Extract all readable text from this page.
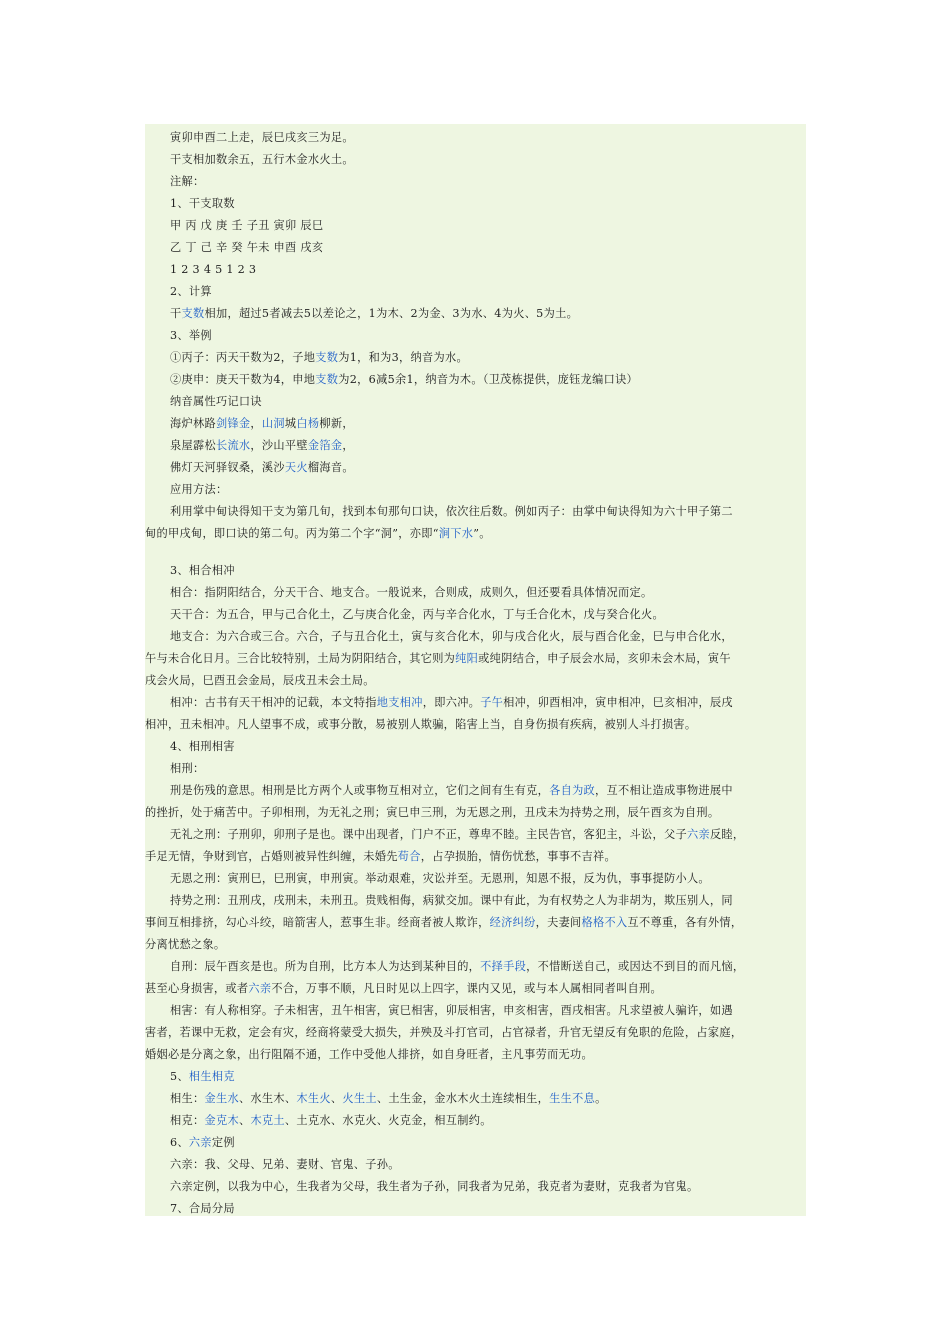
寅卯申酉二上走，辰巳戌亥三为足。
干支相加数余五，五行木金水火土。
注解：
1、干支取数
甲 丙 戊 庚 壬 子丑 寅卯 辰巳
乙 丁 己 辛 癸 午未 申酉 戌亥
1 2 3 4 5 1 2 3
2、计算
干支数相加，超过5者减去5以差论之，1为木、2为金、3为水、4为火、5为土。
3、举例
①丙子：丙天干数为2，子地支数为1，和为3，纳音为水。
②庚申：庚天干数为4，申地支数为2，6减5余1，纳音为木。（卫茂栋提供，庞钰龙编口诀）
纳音属性巧记口诀
海炉林路剑锋金，山洞城白杨柳新，
泉屋霹松长流水，沙山平壁金箔金，
佛灯天河驿钗桑，溪沙天火榴海音。
应用方法：
利用掌中甸诀得知干支为第几旬，找到本旬那句口诀，依次往后数。例如丙子：由掌中甸诀得知为六十甲子第二
甸的甲戌甸，即口诀的第二句。丙为第二个字“洞”，亦即“涧下水”。
3、相合相冲
相合：指阴阳结合，分天干合、地支合。一般说来，合则成，成则久，但还要看具体情况而定。
天干合：为五合，甲与己合化土，乙与庚合化金，丙与辛合化水，丁与壬合化木，戊与癸合化火。
地支合：为六合或三合。六合，子与丑合化土，寅与亥合化木，卯与戌合化火，辰与酉合化金，巳与申合化水，
午与未合化日月。三合比较特别，土局为阴阳结合，其它则为纯阳或纯阴结合，申子辰会水局，亥卯未会木局，寅午
戌会火局，巳酉丑会金局，辰戌丑未会土局。
相冲：古书有天干相冲的记载，本文特指地支相冲，即六冲。子午相冲，卯酉相冲，寅申相冲，巳亥相冲，辰戌
相冲，丑未相冲。凡人望事不成，或事分散，易被别人欺骗，陷害上当，自身伤损有疾病，被别人斗打损害。
4、相刑相害
相刑：
刑是伤残的意思。相刑是比方两个人或事物互相对立，它们之间有生有克，各自为政，互不相让造成事物进展中
的挫折，处于痛苦中。子卯相刑，为无礼之刑；寅巳申三刑，为无恩之刑，丑戌未为持势之刑，辰午酉亥为自刑。
无礼之刑：子刑卯，卯刑子是也。课中出现者，门户不正，尊卑不睦。主民告官，客犯主，斗讼，父子六亲反睦，
手足无情，争财到官，占婚则被异性纠缠，未婚先苟合，占孕损胎，情伤忧愁，事事不吉祥。
无恩之刑：寅刑巳，巳刑寅，申刑寅。举动艰难，灾讼并至。无恩刑，知恩不报，反为仇，事事提防小人。
持势之刑：丑刑戌，戌刑未，未刑丑。贵贱相侮，病狱交加。课中有此，为有权势之人为非胡为，欺压别人，同
事间互相排挤，勾心斗绞，暗箭害人，惹事生非。经商者被人欺诈，经济纠纷，夫妻间格格不入互不尊重，各有外情，
分离忧愁之象。
自刑：辰午酉亥是也。所为自刑，比方本人为达到某种目的，不择手段，不惜断送自己，或因达不到目的而凡恼，
甚至心身损害，或者六亲不合，万事不顺，凡日时见以上四字，课内又见，或与本人属相同者叫自刑。
相害：有人称相穿。子未相害，丑午相害，寅巳相害，卯辰相害，申亥相害，酉戌相害。凡求望被人骗许，如遇
害者，若课中无救，定会有灾，经商将蒙受大损失，并殃及斗打官司，占官禄者，升官无望反有免职的危险，占家庭，
婚姻必是分离之象，出行阻隔不通，工作中受他人排挤，如自身旺者，主凡事劳而无功。
5、相生相克
相生：金生水、水生木、木生火、火生土、土生金，金水木火土连续相生，生生不息。
相克：金克木、木克土、土克水、水克火、火克金，相互制约。
6、六亲定例
六亲：我、父母、兄弟、妻财、官鬼、子孙。
六亲定例，以我为中心，生我者为父母，我生者为子孙，同我者为兄弟，我克者为妻财，克我者为官鬼。
7、合局分局
